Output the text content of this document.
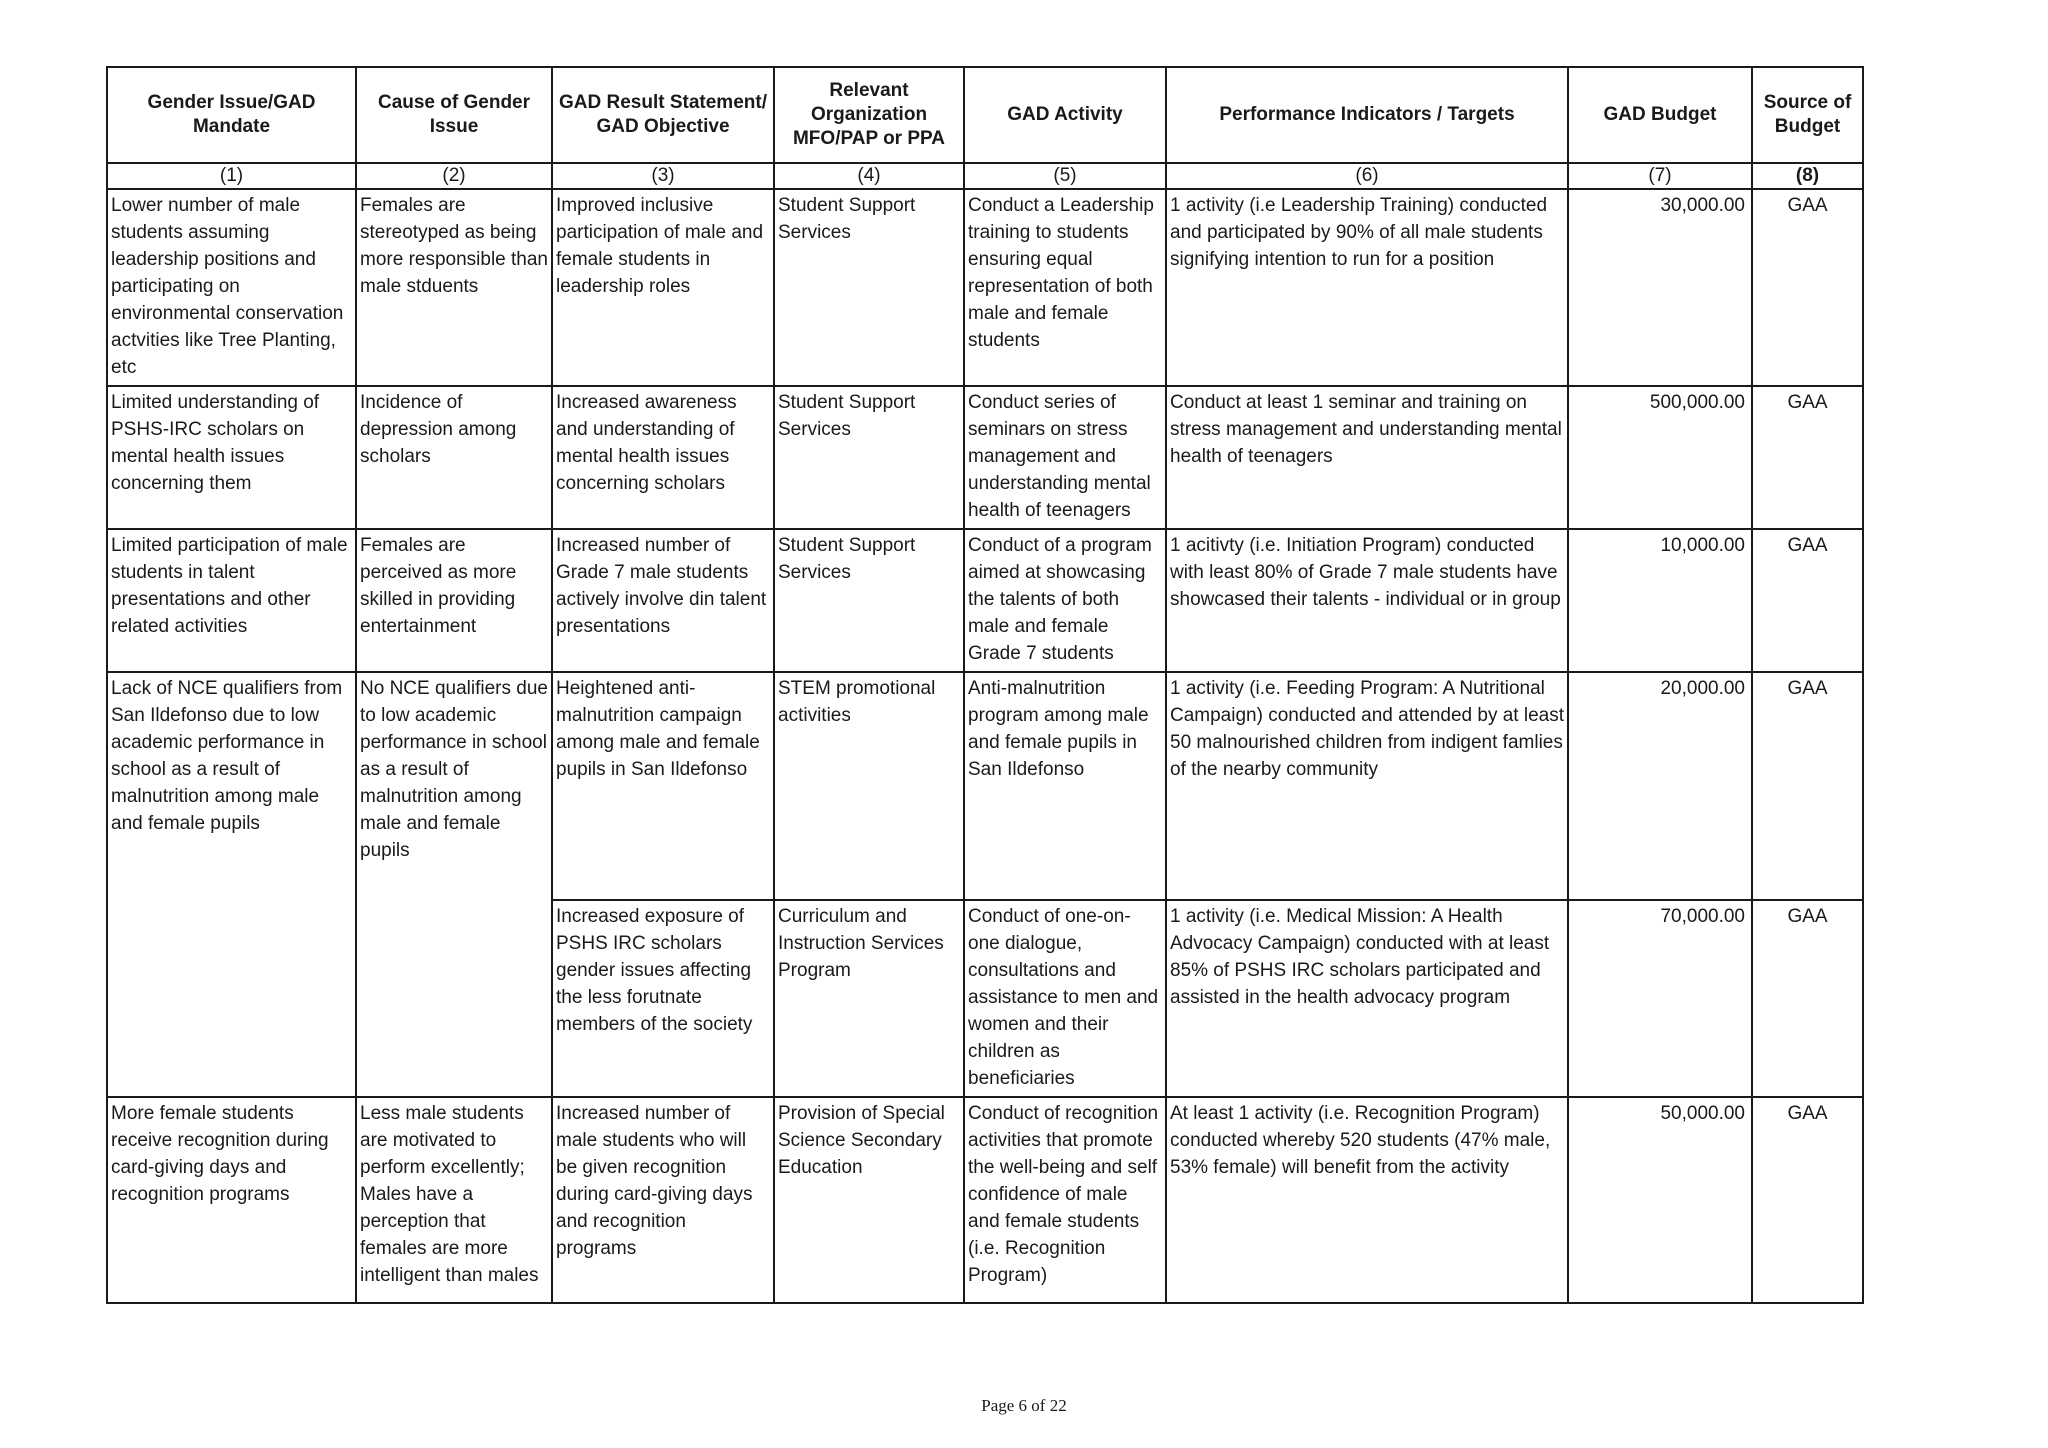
Gender Issue/GAD Mandate	Cause of Gender Issue	GAD Result Statement/ GAD Objective	Relevant Organization MFO/PAP or PPA	GAD Activity	Performance Indicators / Targets	GAD Budget	Source of Budget
(1)	(2)	(3)	(4)	(5)	(6)	(7)	(8)
Lower number of male students assuming leadership positions and participating on environmental conservation actvities like Tree Planting, etc	Females are stereotyped as being more responsible than male stduents	Improved inclusive participation of male and female students in leadership roles	Student Support Services	Conduct a Leadership training to students ensuring equal representation of both male and female students	1 activity (i.e Leadership Training) conducted and participated by 90% of all male students signifying intention to run for a position	30,000.00	GAA
Limited understanding of PSHS-IRC scholars on mental health issues concerning them	Incidence of depression among scholars	Increased awareness and understanding of mental health issues concerning scholars	Student Support Services	Conduct series of seminars on stress management and understanding mental health of teenagers	Conduct at least 1 seminar and training on stress management and understanding mental health of teenagers	500,000.00	GAA
Limited participation of male students in talent presentations and other related activities	Females are perceived as more skilled in providing entertainment	Increased number of Grade 7 male students actively involve din talent presentations	Student Support Services	Conduct of a program aimed at showcasing the talents of both male and female Grade 7 students	1 acitivty (i.e. Initiation Program) conducted with least 80% of Grade 7 male students have showcased their talents - individual or in group	10,000.00	GAA
Lack of NCE qualifiers from San Ildefonso due to low academic performance in school as a result of malnutrition among male and female pupils	No NCE qualifiers due to low academic performance in school as a result of malnutrition among male and female pupils	Heightened anti-malnutrition campaign among male and female pupils in San Ildefonso	STEM promotional activities	Anti-malnutrition program among male and female pupils in San Ildefonso	1 activity (i.e. Feeding Program: A Nutritional Campaign) conducted and attended by at least 50 malnourished children from indigent famlies of the nearby community	20,000.00	GAA
		Increased exposure of PSHS IRC scholars gender issues affecting the less forutnate members of the society	Curriculum and Instruction Services Program	Conduct of one-on-one dialogue, consultations and assistance to men and women and their children as beneficiaries	1 activity (i.e. Medical Mission: A Health Advocacy Campaign) conducted with at least 85% of PSHS IRC scholars participated and assisted in the health advocacy program	70,000.00	GAA
More female students receive recognition during card-giving days and recognition programs	Less male students are motivated to perform excellently; Males have a perception that females are more intelligent than males	Increased number of male students who will be given recognition during card-giving days and recognition programs	Provision of Special Science Secondary Education	Conduct of recognition activities that promote the well-being and self confidence of male and female students (i.e. Recognition Program)	At least 1 activity (i.e. Recognition Program) conducted whereby 520 students (47% male, 53% female) will benefit from the activity	50,000.00	GAA
Page 6 of 22
